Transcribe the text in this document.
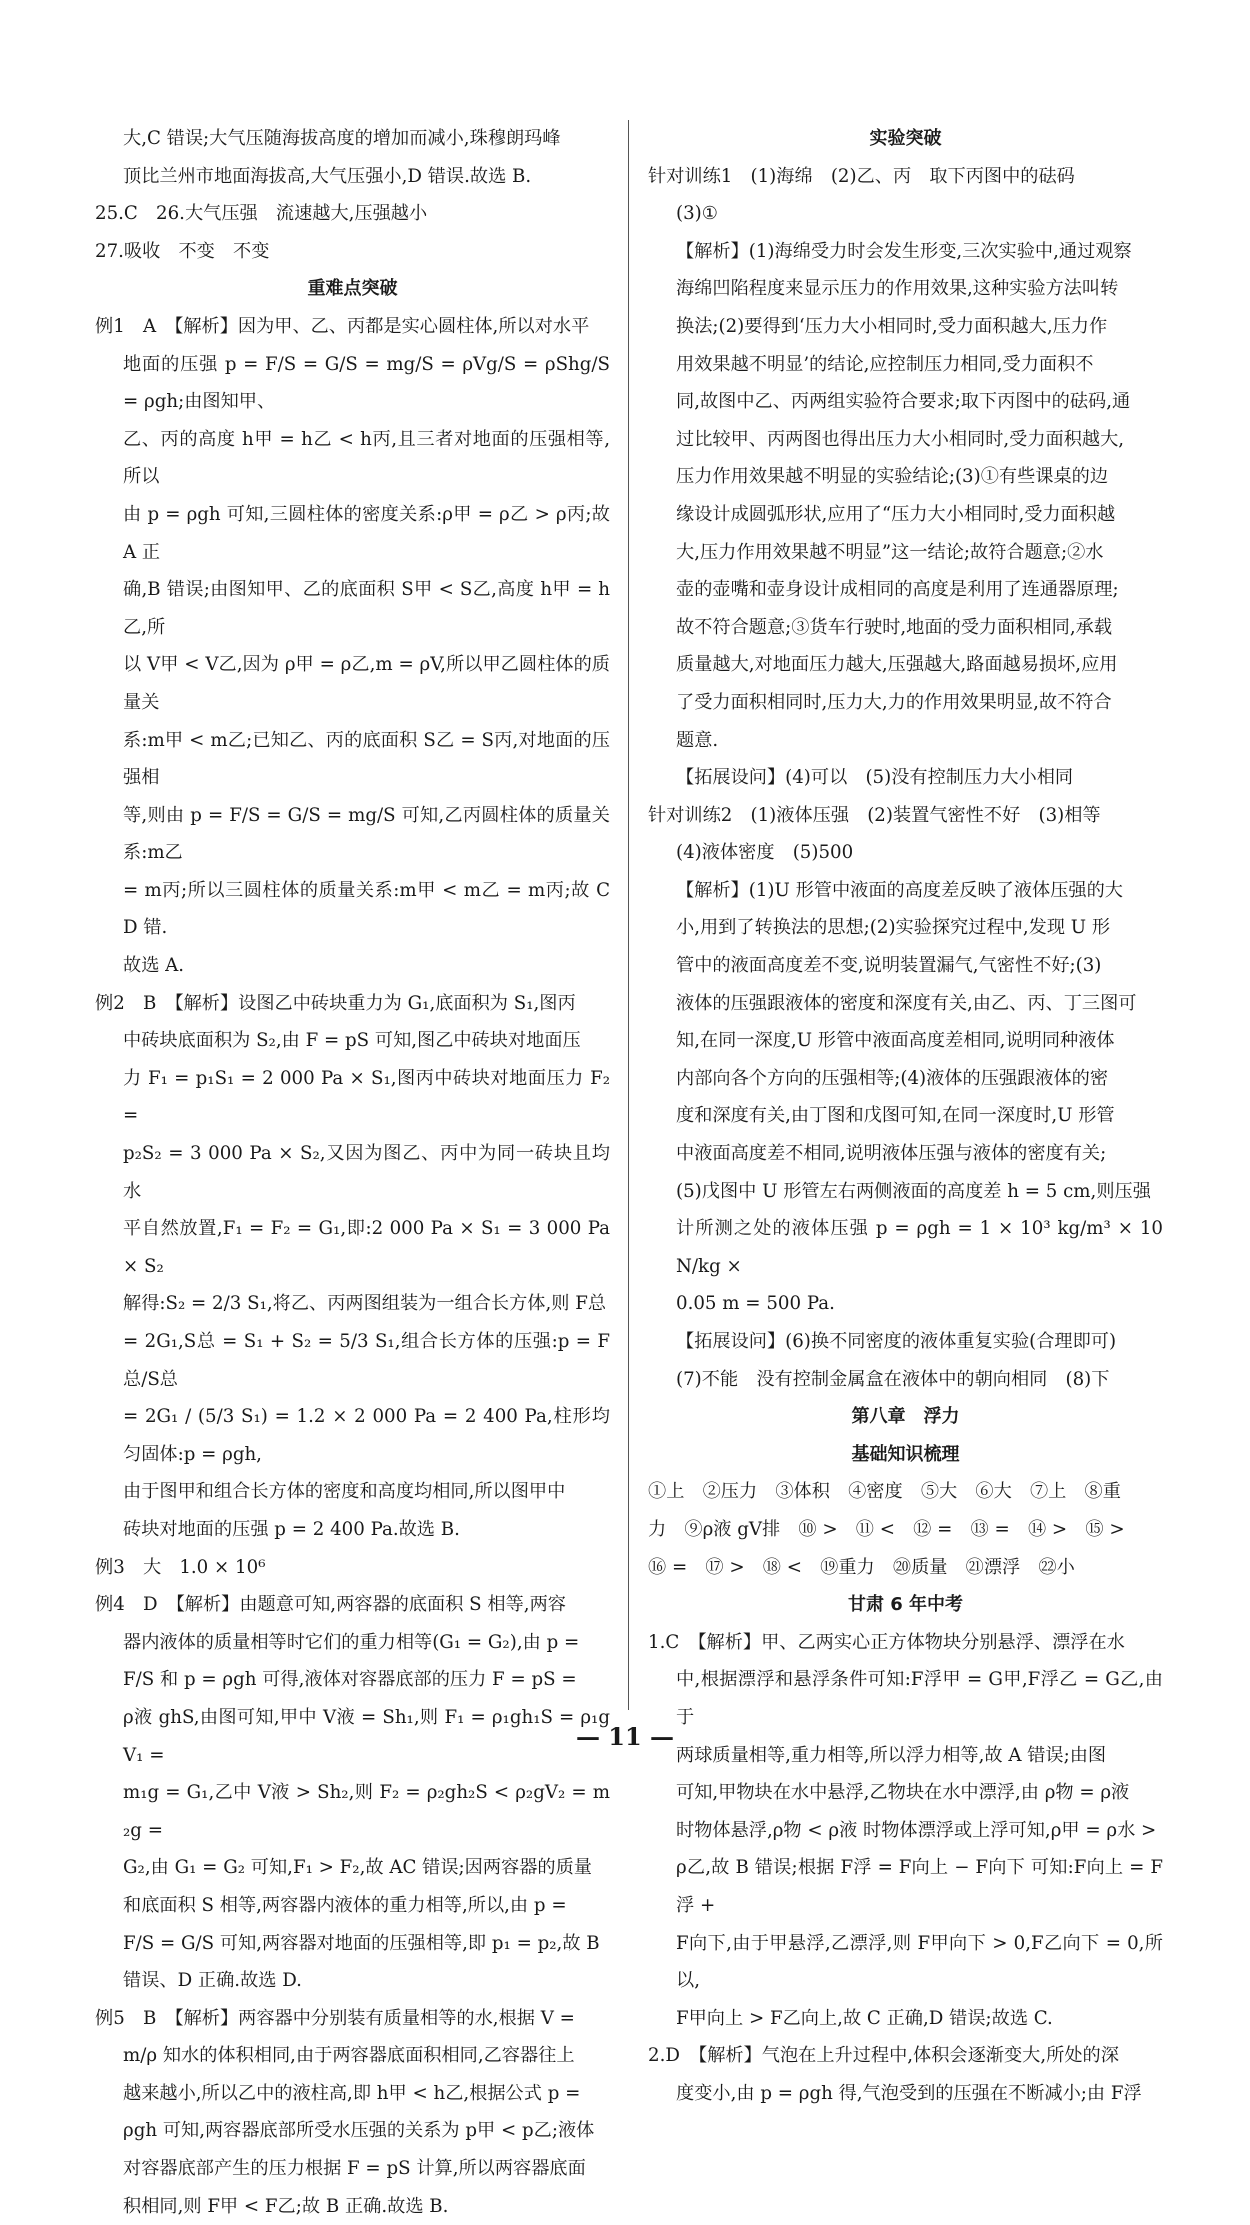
大,C 错误;大气压随海拔高度的增加而减小,珠穆朗玛峰

顶比兰州市地面海拔高,大气压强小,D 错误.故选 B.

25.C　26.大气压强　流速越大,压强越小

27.吸收　不变　不变

重难点突破

例1　A　【解析】因为甲、乙、丙都是实心圆柱体,所以对水平

地面的压强 p = F/S = G/S = mg/S = ρVg/S = ρShg/S = ρgh;由图知甲、

乙、丙的高度 h甲 = h乙 < h丙,且三者对地面的压强相等,所以

由 p = ρgh 可知,三圆柱体的密度关系:ρ甲 = ρ乙 > ρ丙;故 A 正

确,B 错误;由图知甲、乙的底面积 S甲 < S乙,高度 h甲 = h乙,所

以 V甲 < V乙,因为 ρ甲 = ρ乙,m = ρV,所以甲乙圆柱体的质量关

系:m甲 < m乙;已知乙、丙的底面积 S乙 = S丙,对地面的压强相

等,则由 p = F/S = G/S = mg/S 可知,乙丙圆柱体的质量关系:m乙

= m丙;所以三圆柱体的质量关系:m甲 < m乙 = m丙;故 CD 错.

故选 A.

例2　B　【解析】设图乙中砖块重力为 G₁,底面积为 S₁,图丙

中砖块底面积为 S₂,由 F = pS 可知,图乙中砖块对地面压

力 F₁ = p₁S₁ = 2 000 Pa × S₁,图丙中砖块对地面压力 F₂ =

p₂S₂ = 3 000 Pa × S₂,又因为图乙、丙中为同一砖块且均水

平自然放置,F₁ = F₂ = G₁,即:2 000 Pa × S₁ = 3 000 Pa × S₂

解得:S₂ = 2/3 S₁,将乙、丙两图组装为一组合长方体,则 F总

= 2G₁,S总 = S₁ + S₂ = 5/3 S₁,组合长方体的压强:p = F总/S总

= 2G₁ / (5/3 S₁) = 1.2 × 2 000 Pa = 2 400 Pa,柱形均匀固体:p = ρgh,

由于图甲和组合长方体的密度和高度均相同,所以图甲中

砖块对地面的压强 p = 2 400 Pa.故选 B.

例3　大　1.0 × 10⁶

例4　D　【解析】由题意可知,两容器的底面积 S 相等,两容

器内液体的质量相等时它们的重力相等(G₁ = G₂),由 p =

F/S 和 p = ρgh 可得,液体对容器底部的压力 F = pS =

ρ液 ghS,由图可知,甲中 V液 = Sh₁,则 F₁ = ρ₁gh₁S = ρ₁gV₁ =

m₁g = G₁,乙中 V液 > Sh₂,则 F₂ = ρ₂gh₂S < ρ₂gV₂ = m₂g =

G₂,由 G₁ = G₂ 可知,F₁ > F₂,故 AC 错误;因两容器的质量

和底面积 S 相等,两容器内液体的重力相等,所以,由 p =

F/S = G/S 可知,两容器对地面的压强相等,即 p₁ = p₂,故 B

错误、D 正确.故选 D.

例5　B　【解析】两容器中分别装有质量相等的水,根据 V =

m/ρ 知水的体积相同,由于两容器底面积相同,乙容器往上

越来越小,所以乙中的液柱高,即 h甲 < h乙,根据公式 p =

ρgh 可知,两容器底部所受水压强的关系为 p甲 < p乙;液体

对容器底部产生的压力根据 F = pS 计算,所以两容器底面

积相同,则 F甲 < F乙;故 B 正确.故选 B.

实验突破

针对训练1　(1)海绵　(2)乙、丙　取下丙图中的砝码

(3)①

【解析】(1)海绵受力时会发生形变,三次实验中,通过观察

海绵凹陷程度来显示压力的作用效果,这种实验方法叫转

换法;(2)要得到‘压力大小相同时,受力面积越大,压力作

用效果越不明显’的结论,应控制压力相同,受力面积不

同,故图中乙、丙两组实验符合要求;取下丙图中的砝码,通

过比较甲、丙两图也得出压力大小相同时,受力面积越大,

压力作用效果越不明显的实验结论;(3)①有些课桌的边

缘设计成圆弧形状,应用了“压力大小相同时,受力面积越

大,压力作用效果越不明显”这一结论;故符合题意;②水

壶的壶嘴和壶身设计成相同的高度是利用了连通器原理;

故不符合题意;③货车行驶时,地面的受力面积相同,承载

质量越大,对地面压力越大,压强越大,路面越易损坏,应用

了受力面积相同时,压力大,力的作用效果明显,故不符合

题意.

【拓展设问】(4)可以　(5)没有控制压力大小相同

针对训练2　(1)液体压强　(2)装置气密性不好　(3)相等

(4)液体密度　(5)500

【解析】(1)U 形管中液面的高度差反映了液体压强的大

小,用到了转换法的思想;(2)实验探究过程中,发现 U 形

管中的液面高度差不变,说明装置漏气,气密性不好;(3)

液体的压强跟液体的密度和深度有关,由乙、丙、丁三图可

知,在同一深度,U 形管中液面高度差相同,说明同种液体

内部向各个方向的压强相等;(4)液体的压强跟液体的密

度和深度有关,由丁图和戊图可知,在同一深度时,U 形管

中液面高度差不相同,说明液体压强与液体的密度有关;

(5)戊图中 U 形管左右两侧液面的高度差 h = 5 cm,则压强

计所测之处的液体压强 p = ρgh = 1 × 10³ kg/m³ × 10 N/kg ×

0.05 m = 500 Pa.

【拓展设问】(6)换不同密度的液体重复实验(合理即可)

(7)不能　没有控制金属盒在液体中的朝向相同　(8)下

第八章　浮力

基础知识梳理

①上　②压力　③体积　④密度　⑤大　⑥大　⑦上　⑧重

力　⑨ρ液 gV排　⑩ >　⑪ <　⑫ =　⑬ =　⑭ >　⑮ >

⑯ =　⑰ >　⑱ <　⑲重力　⑳质量　㉑漂浮　㉒小

甘肃 6 年中考

1.C　【解析】甲、乙两实心正方体物块分别悬浮、漂浮在水

中,根据漂浮和悬浮条件可知:F浮甲 = G甲,F浮乙 = G乙,由于

两球质量相等,重力相等,所以浮力相等,故 A 错误;由图

可知,甲物块在水中悬浮,乙物块在水中漂浮,由 ρ物 = ρ液

时物体悬浮,ρ物 < ρ液 时物体漂浮或上浮可知,ρ甲 = ρ水 >

ρ乙,故 B 错误;根据 F浮 = F向上 − F向下 可知:F向上 = F浮 +

F向下,由于甲悬浮,乙漂浮,则 F甲向下 > 0,F乙向下 = 0,所以,

F甲向上 > F乙向上,故 C 正确,D 错误;故选 C.

2.D　【解析】气泡在上升过程中,体积会逐渐变大,所处的深

度变小,由 p = ρgh 得,气泡受到的压强在不断减小;由 F浮

— 11 —
